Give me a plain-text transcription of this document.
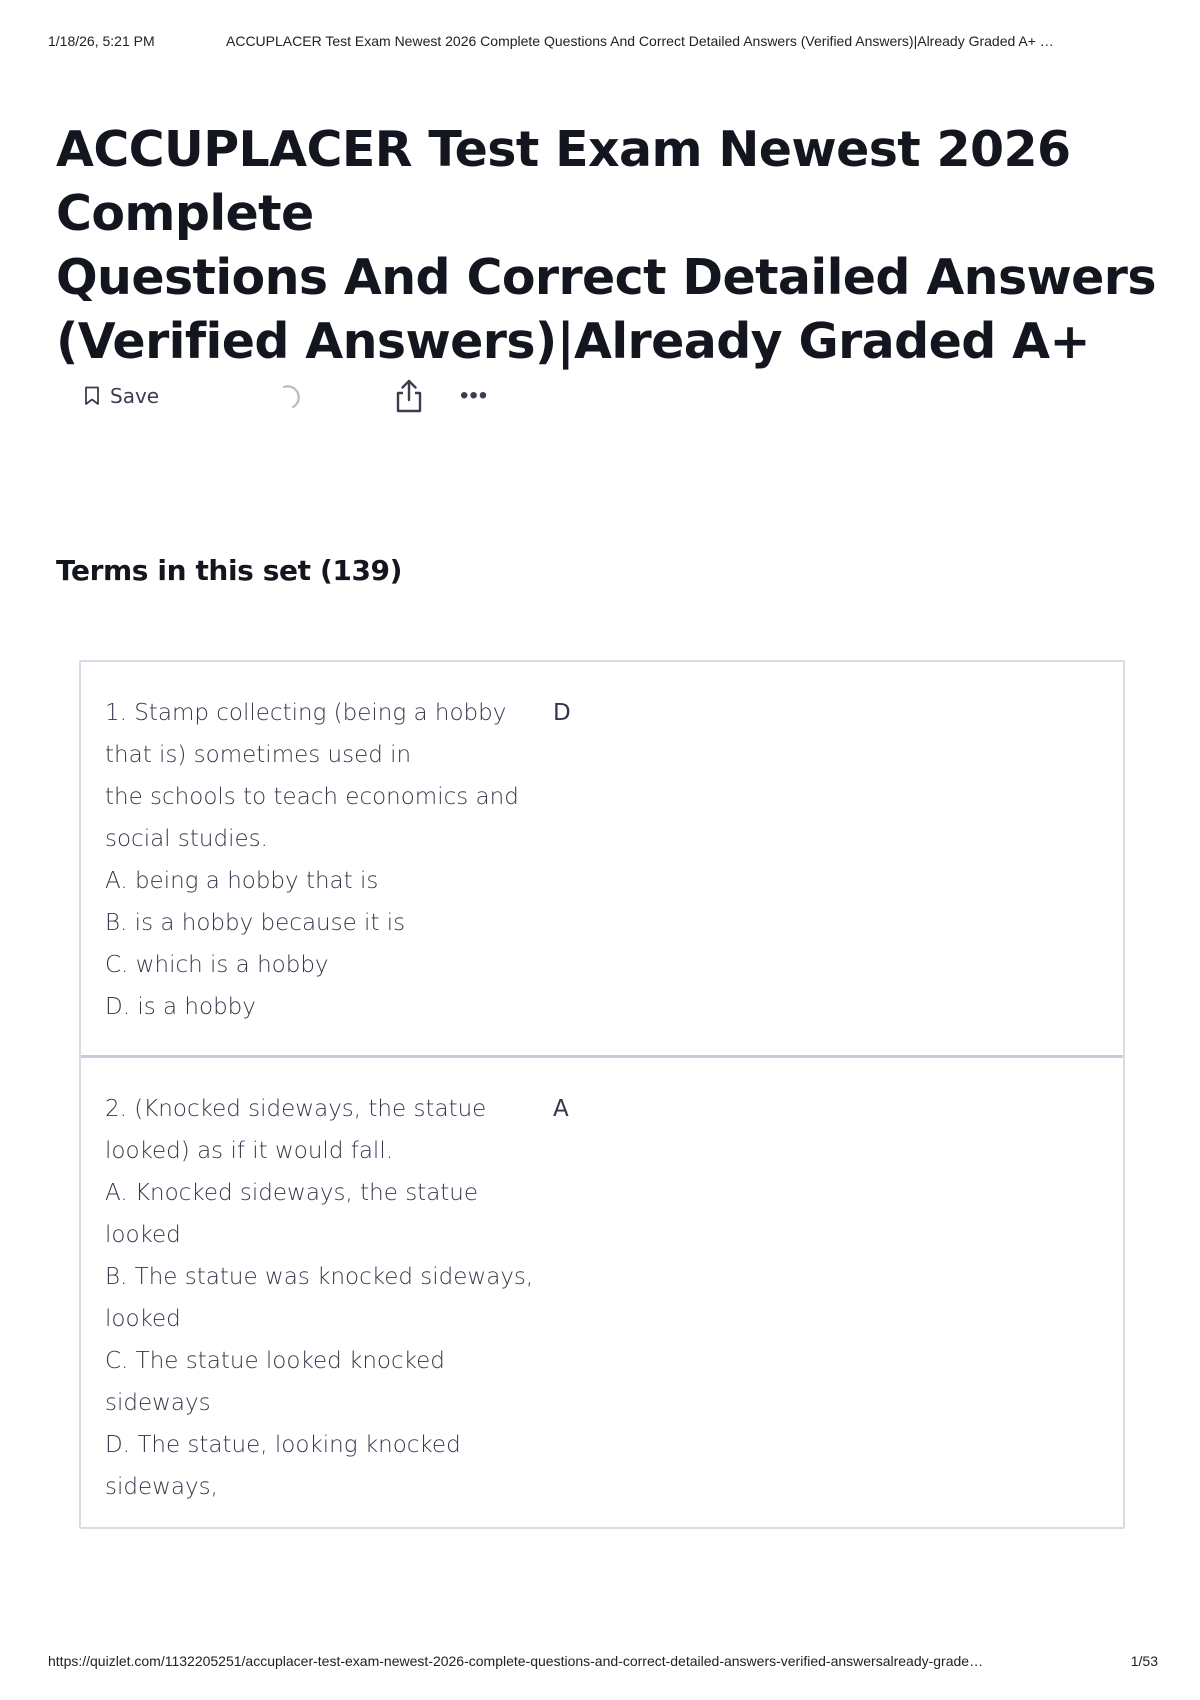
1/18/26, 5:21 PM	ACCUPLACER Test Exam Newest 2026 Complete Questions And Correct Detailed Answers (Verified Answers)|Already Graded A+ …
ACCUPLACER Test Exam Newest 2026 Complete
Questions And Correct Detailed Answers
(Verified Answers)|Already Graded A+
Save	•••
Terms in this set (139)
1. Stamp collecting (being a hobby
that is) sometimes used in
the schools to teach economics and
social studies.
A. being a hobby that is
B. is a hobby because it is
C. which is a hobby
D. is a hobby
D
2. (Knocked sideways, the statue
looked) as if it would fall.
A. Knocked sideways, the statue
looked
B. The statue was knocked sideways,
looked
C. The statue looked knocked
sideways
D. The statue, looking knocked
sideways,
A
https://quizlet.com/1132205251/accuplacer-test-exam-newest-2026-complete-questions-and-correct-detailed-answers-verified-answersalready-grade…	1/53
